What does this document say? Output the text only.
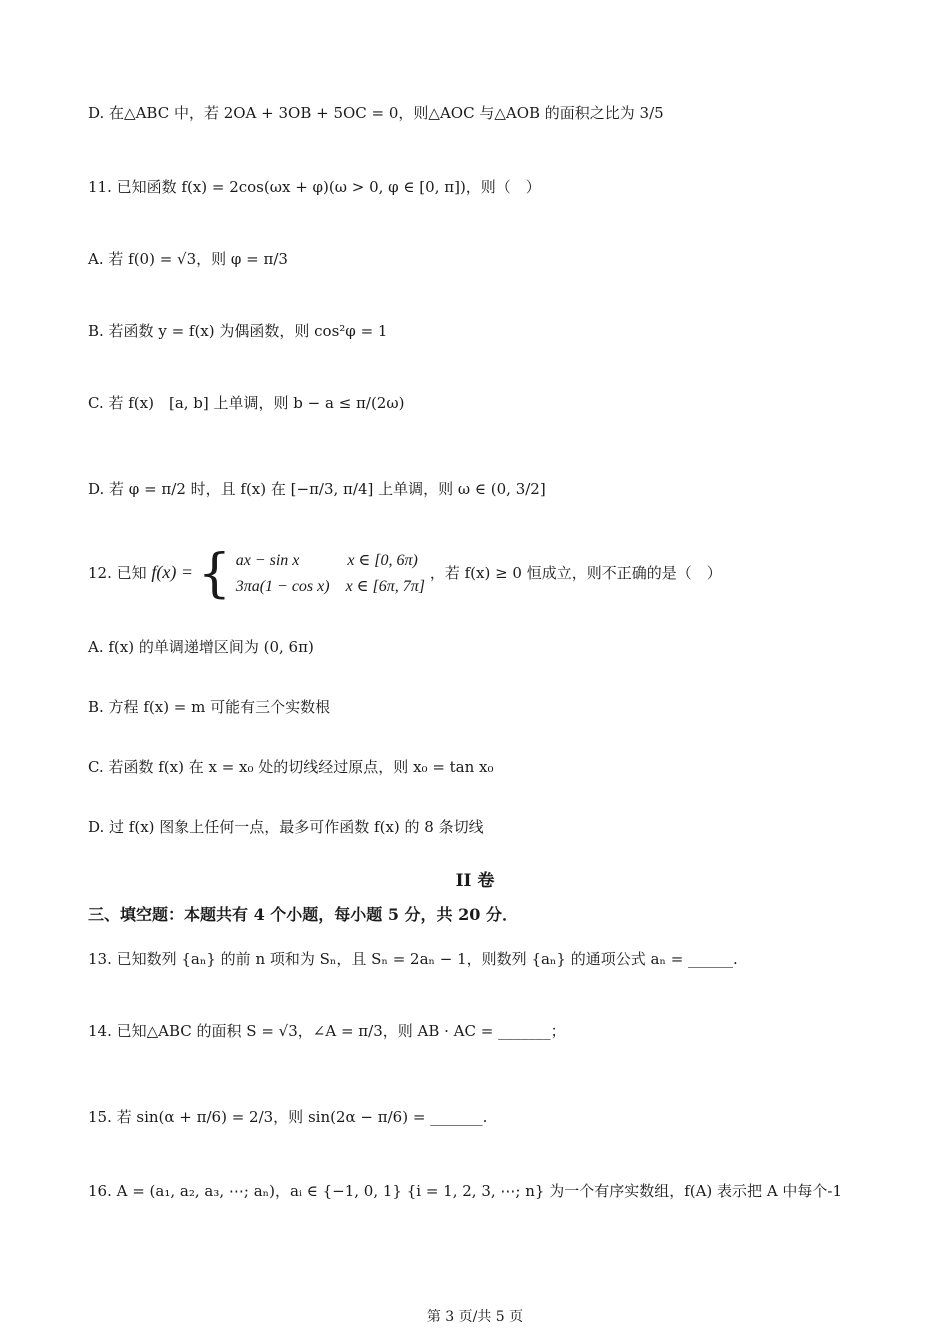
D. 在△ABC 中，若 2OA + 3OB + 5OC = 0，则△AOC 与△AOB 的面积之比为 3/5
11. 已知函数 f(x) = 2cos(ωx + φ)(ω > 0, φ ∈ [0, π])，则（　）
A. 若 f(0) = √3，则 φ = π/3
B. 若函数 y = f(x) 为偶函数，则 cos²φ = 1
C. 若 f(x)　[a, b] 上单调，则 b − a ≤ π/(2ω)
D. 若 φ = π/2 时，且 f(x) 在 [−π/3, π/4] 上单调，则 ω ∈ (0, 3/2]
12. 已知 f(x) = { ax − sin x　　　x ∈ [0, 6π)
3πa(1 − cos x)　x ∈ [6π, 7π]
，若 f(x) ≥ 0 恒成立，则不正确的是（　）
A. f(x) 的单调递增区间为 (0, 6π)
B. 方程 f(x) = m 可能有三个实数根
C. 若函数 f(x) 在 x = x₀ 处的切线经过原点，则 x₀ = tan x₀
D. 过 f(x) 图象上任何一点，最多可作函数 f(x) 的 8 条切线
II 卷
三、填空题：本题共有 4 个小题，每小题 5 分，共 20 分．
13. 已知数列 {aₙ} 的前 n 项和为 Sₙ，且 Sₙ = 2aₙ − 1，则数列 {aₙ} 的通项公式 aₙ = ______.
14. 已知△ABC 的面积 S = √3，∠A = π/3，则 AB · AC = _______；
15. 若 sin(α + π/6) = 2/3，则 sin(2α − π/6) = _______.
16. A = (a₁, a₂, a₃, ⋯; aₙ)，aᵢ ∈ {−1, 0, 1} {i = 1, 2, 3, ⋯; n} 为一个有序实数组，f(A) 表示把 A 中每个-1
第 3 页/共 5 页
